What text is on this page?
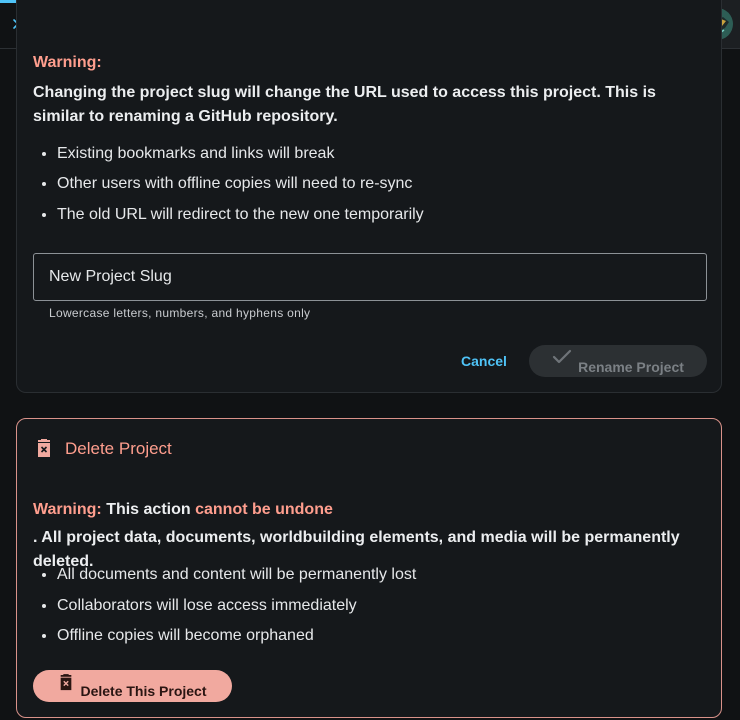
Warning:
Changing the project slug will change the URL used to access this project. This is similar to renaming a GitHub repository.
• Existing bookmarks and links will break
• Other users with offline copies will need to re-sync
• The old URL will redirect to the new one temporarily
New Project Slug
Lowercase letters, numbers, and hyphens only
Cancel	Rename Project
Delete Project
Warning: This action cannot be undone
. All project data, documents, worldbuilding elements, and media will be permanently deleted.
• All documents and content will be permanently lost
• Collaborators will lose access immediately
• Offline copies will become orphaned
Delete This Project
